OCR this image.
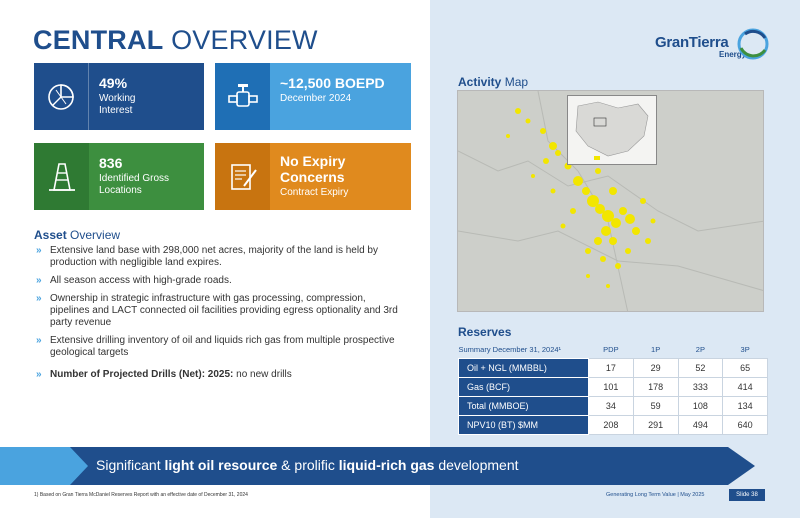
CENTRAL OVERVIEW	GranTierra
Energy
49%
Working
Interest
~12,500 BOEPD
December 2024
836
Identified Gross
Locations
No Expiry
Concerns
Contract Expiry
Asset Overview
» Extensive land base with 298,000 net acres, majority of the land is held by production with negligible land expires.
» All season access with high-grade roads.
» Ownership in strategic infrastructure with gas processing, compression, pipelines and LACT connected oil facilities providing egress optionality and 3rd party revenue
» Extensive drilling inventory of oil and liquids rich gas from multiple prospective geological targets
» Number of Projected Drills (Net): 2025: no new drills
Activity Map
Reserves
Summary December 31, 2024¹	PDP	1P	2P	3P
Oil + NGL (MMBBL)	17	29	52	65
Gas (BCF)	101	178	333	414
Total (MMBOE)	34	59	108	134
NPV10 (BT) $MM	208	291	494	640
Significant light oil resource & prolific liquid-rich gas development
1) Based on Gran Tierra McDaniel Reserves Report with an effective date of December 31, 2024	Generating Long Term Value | May 2025	Slide 38
